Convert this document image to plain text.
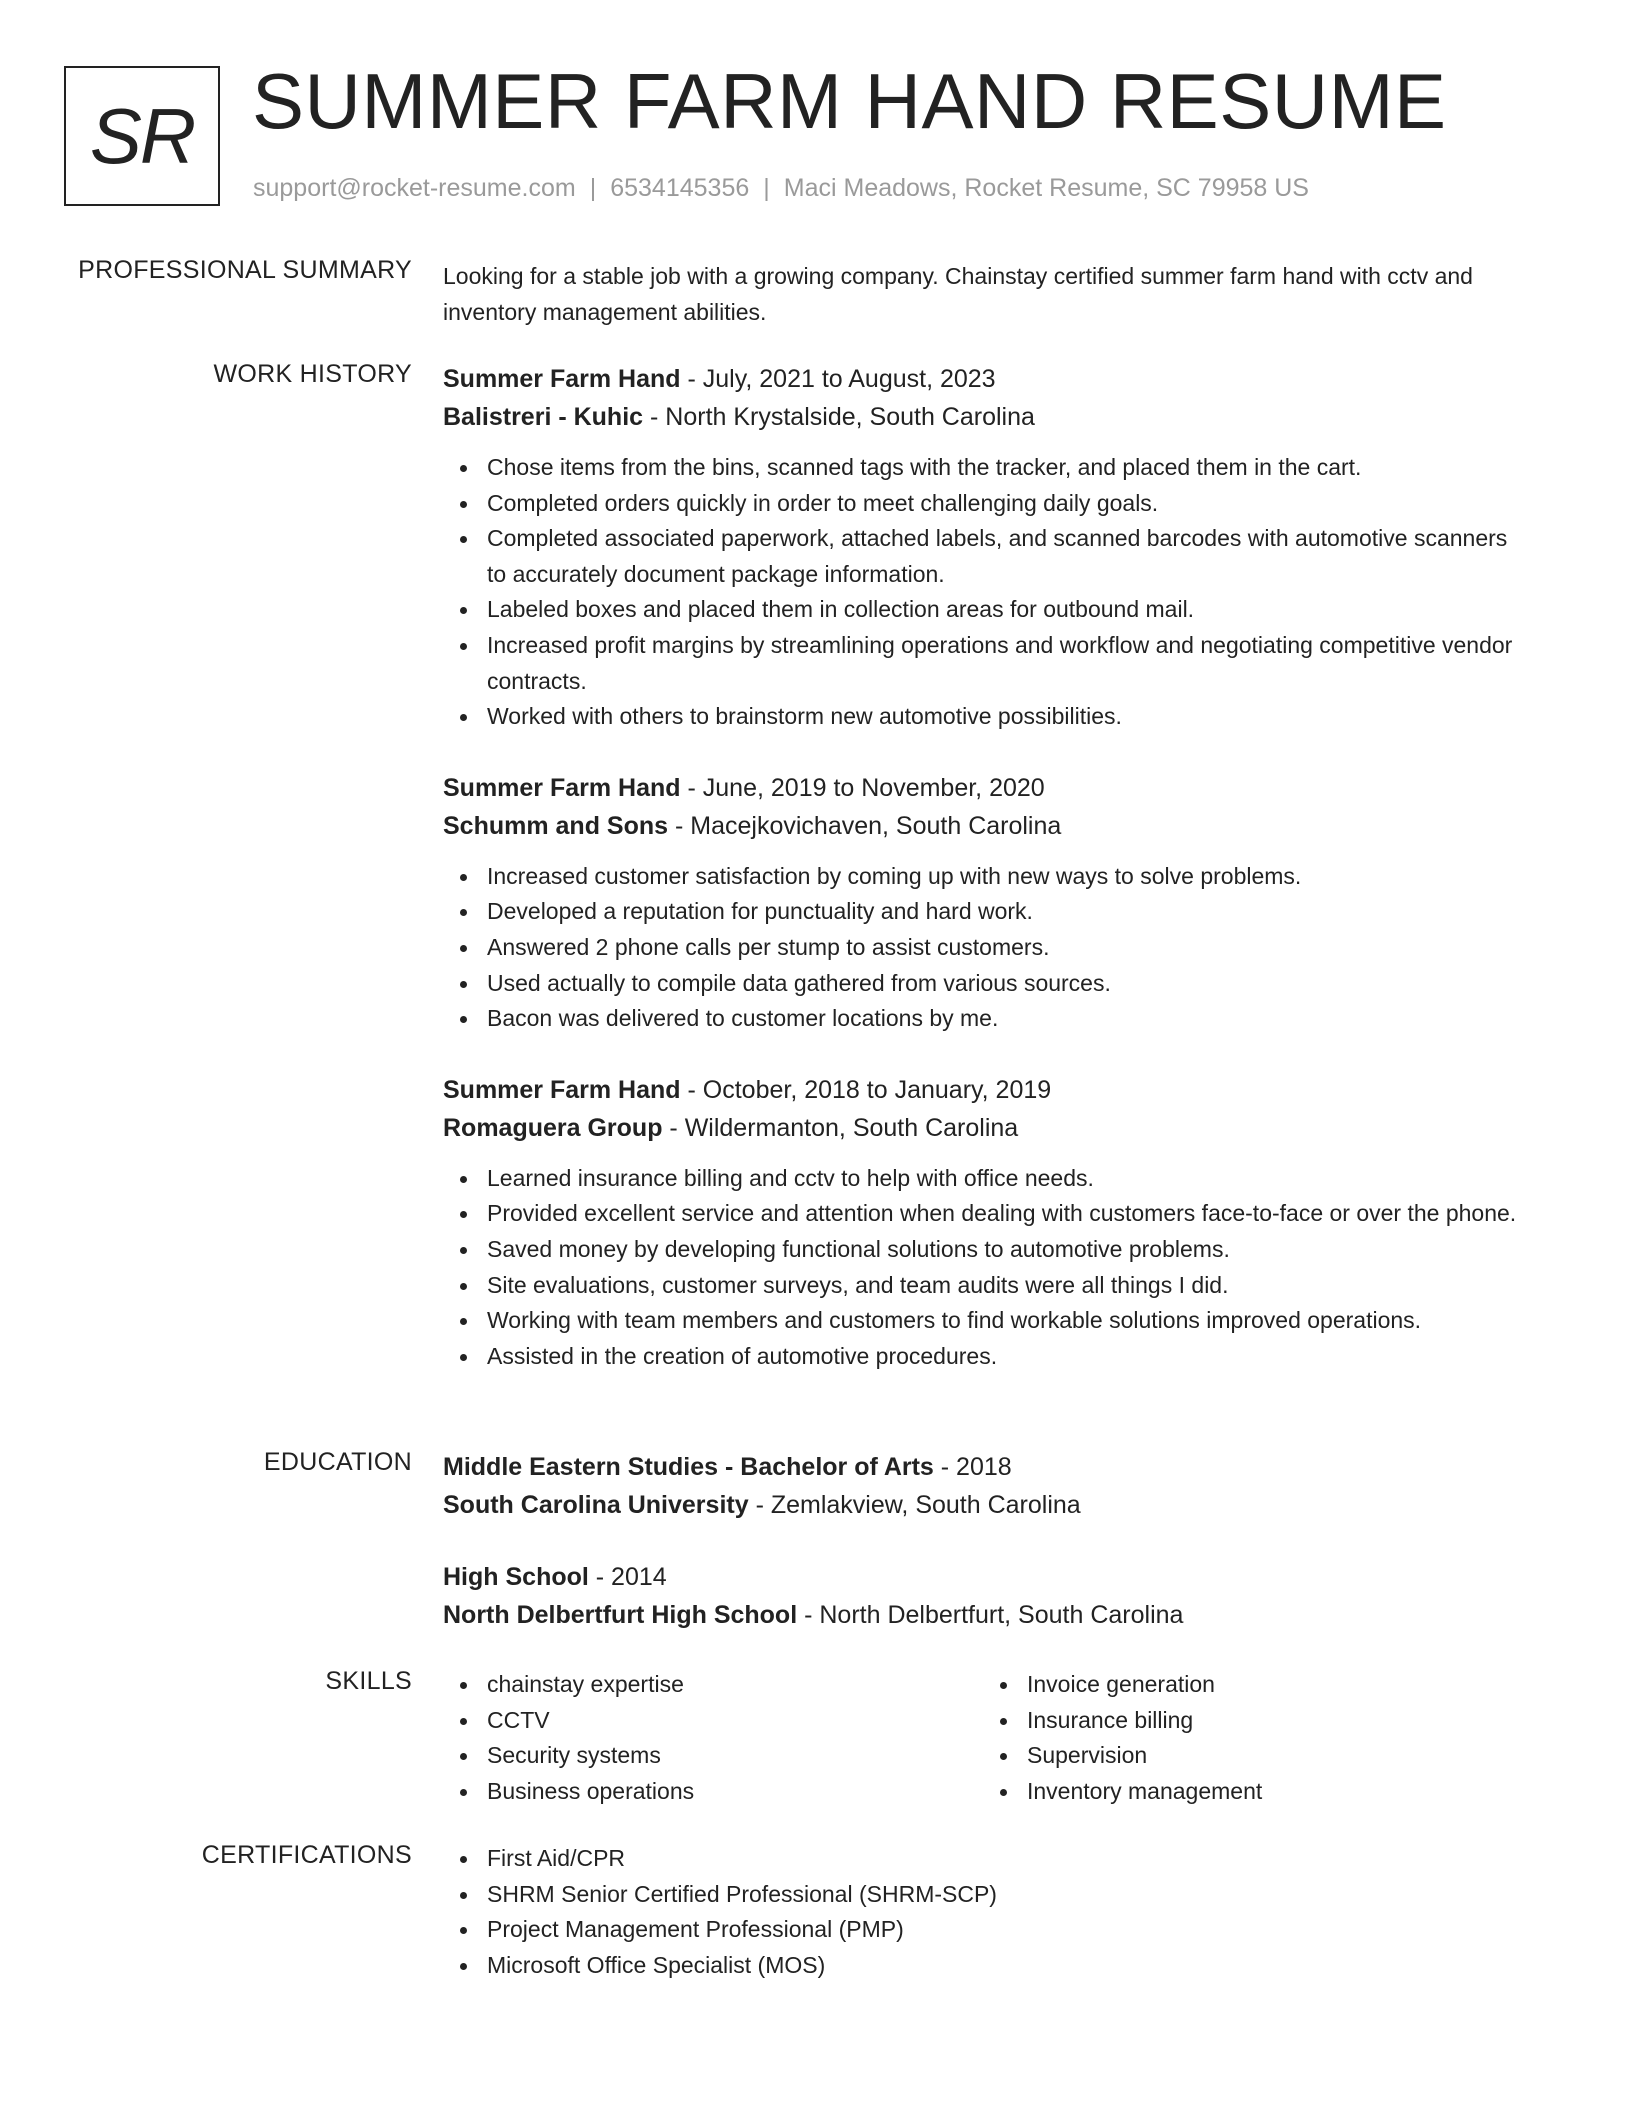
SR SUMMER FARM HAND RESUME
support@rocket-resume.com | 6534145356 | Maci Meadows, Rocket Resume, SC 79958 US
PROFESSIONAL SUMMARY Looking for a stable job with a growing company. Chainstay certified summer farm hand with cctv and inventory management abilities.
WORK HISTORY Summer Farm Hand - July, 2021 to August, 2023
Balistreri - Kuhic - North Krystalside, South Carolina
Chose items from the bins, scanned tags with the tracker, and placed them in the cart.
Completed orders quickly in order to meet challenging daily goals.
Completed associated paperwork, attached labels, and scanned barcodes with automotive scanners to accurately document package information.
Labeled boxes and placed them in collection areas for outbound mail.
Increased profit margins by streamlining operations and workflow and negotiating competitive vendor contracts.
Worked with others to brainstorm new automotive possibilities.
Summer Farm Hand - June, 2019 to November, 2020
Schumm and Sons - Macejkovichaven, South Carolina
Increased customer satisfaction by coming up with new ways to solve problems.
Developed a reputation for punctuality and hard work.
Answered 2 phone calls per stump to assist customers.
Used actually to compile data gathered from various sources.
Bacon was delivered to customer locations by me.
Summer Farm Hand - October, 2018 to January, 2019
Romaguera Group - Wildermanton, South Carolina
Learned insurance billing and cctv to help with office needs.
Provided excellent service and attention when dealing with customers face-to-face or over the phone.
Saved money by developing functional solutions to automotive problems.
Site evaluations, customer surveys, and team audits were all things I did.
Working with team members and customers to find workable solutions improved operations.
Assisted in the creation of automotive procedures.
EDUCATION Middle Eastern Studies - Bachelor of Arts - 2018
South Carolina University - Zemlakview, South Carolina
High School - 2014
North Delbertfurt High School - North Delbertfurt, South Carolina
SKILLS	chainstay expertise
CCTV
Security systems
Business operations
Invoice generation
Insurance billing
Supervision
Inventory management
CERTIFICATIONS	First Aid/CPR
SHRM Senior Certified Professional (SHRM-SCP)
Project Management Professional (PMP)
Microsoft Office Specialist (MOS)
